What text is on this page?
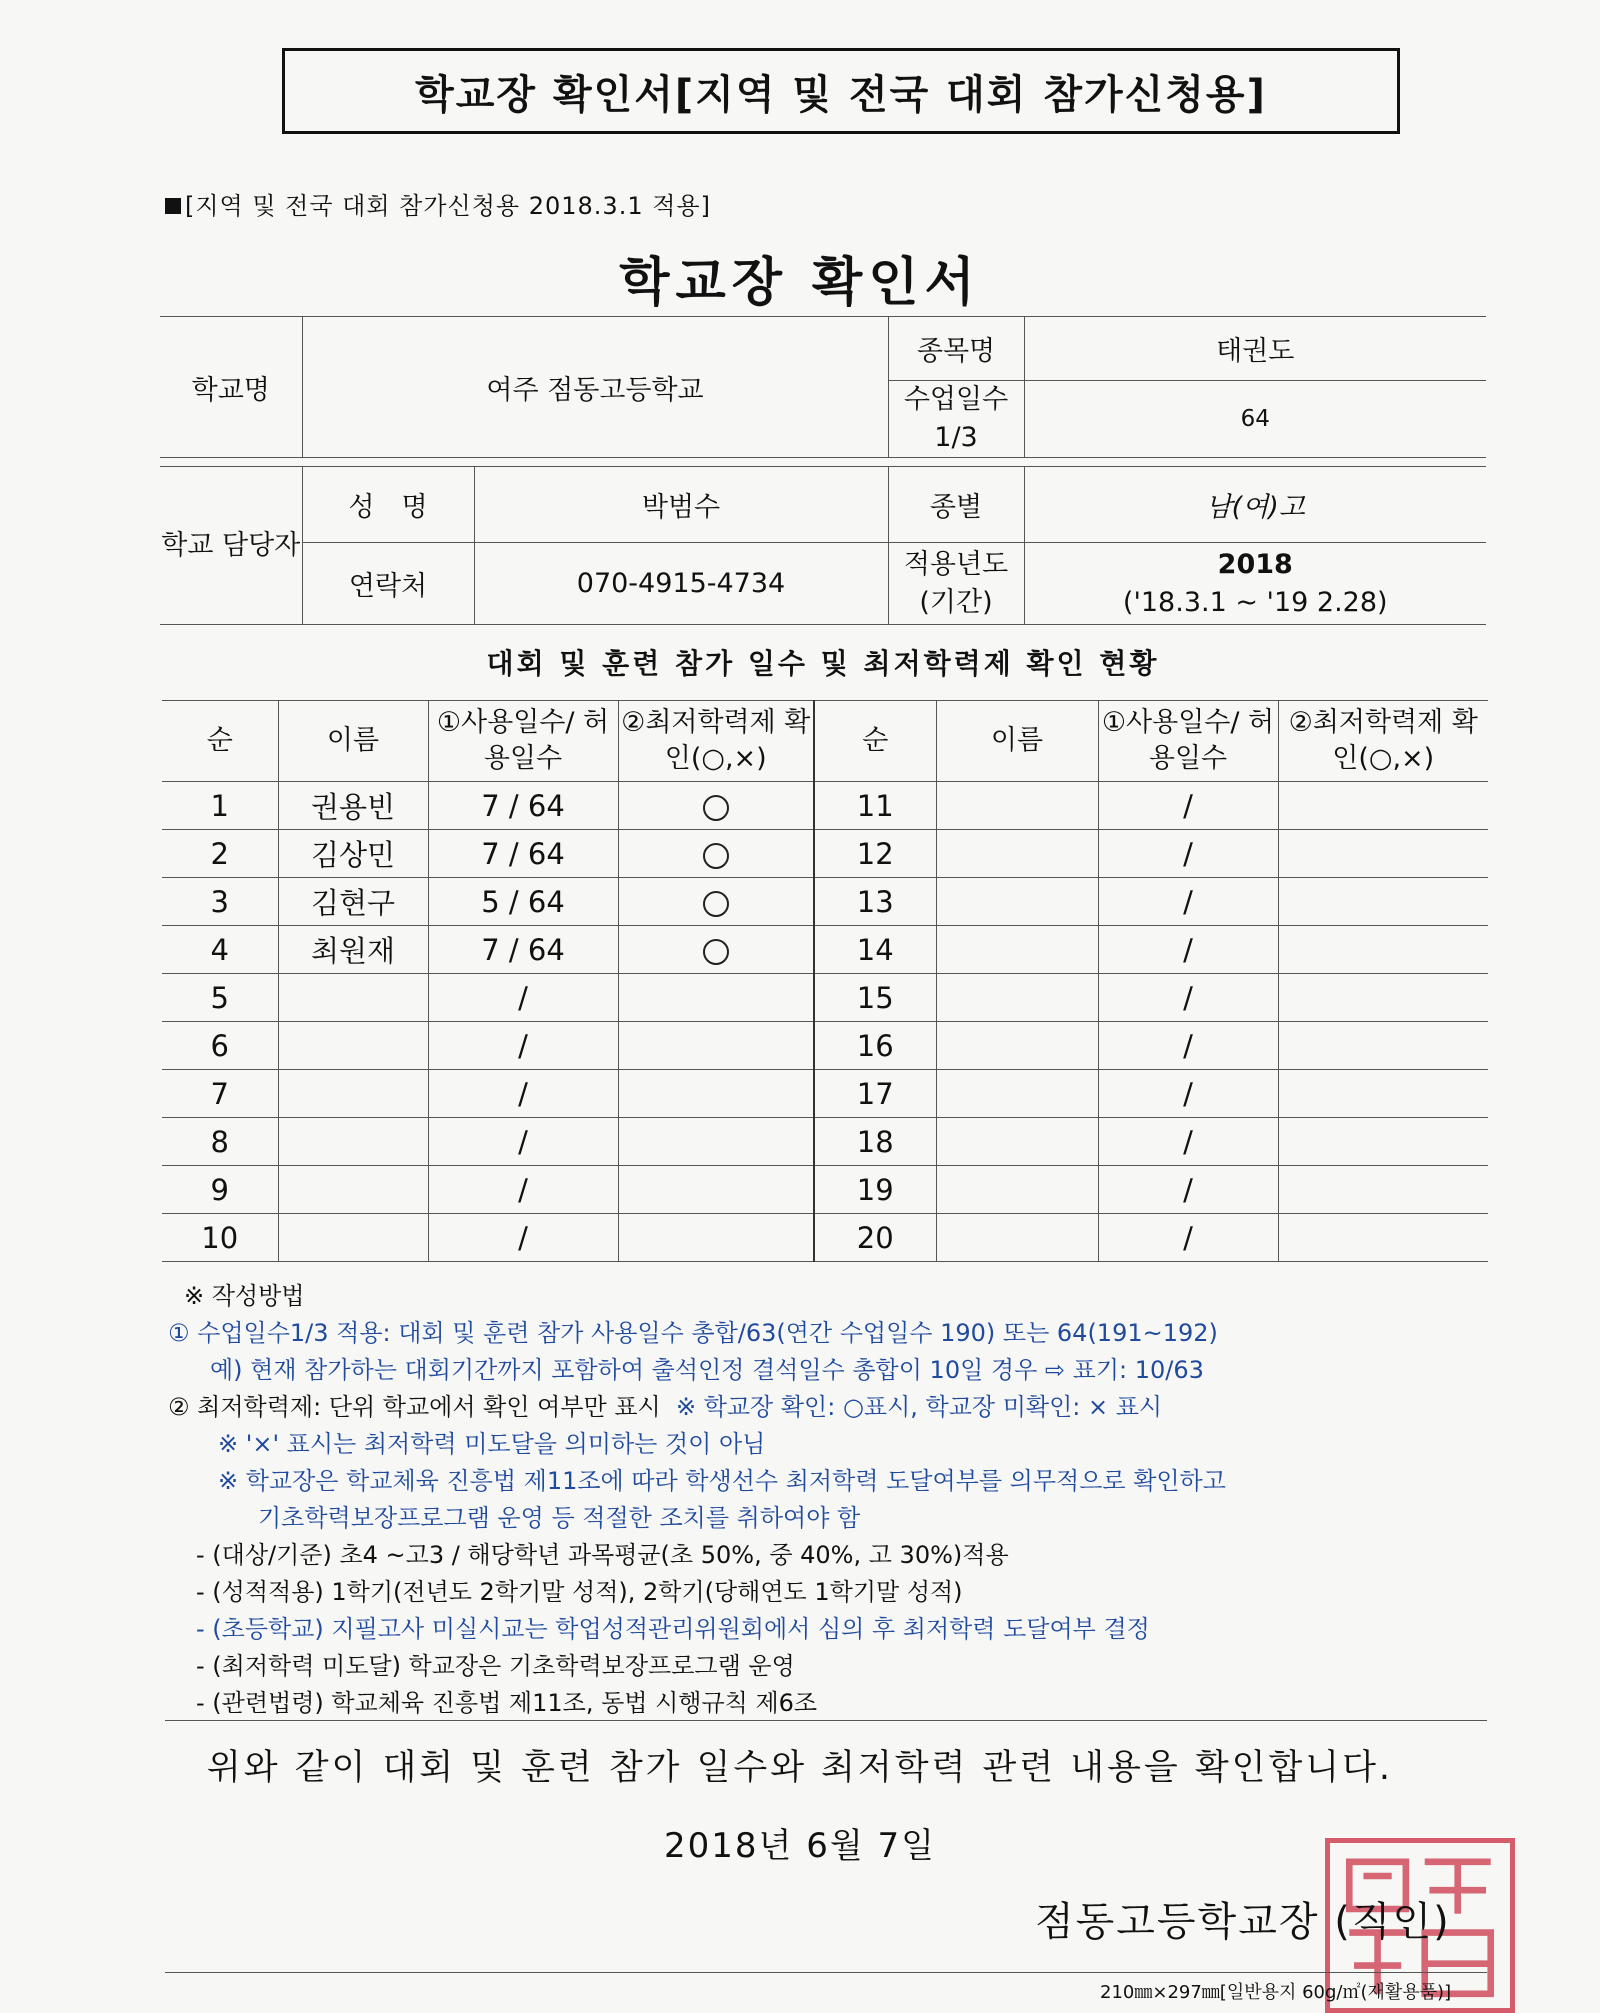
학교장 확인서[지역 및 전국 대회 참가신청용]
[지역 및 전국 대회 참가신청용 2018.3.1 적용]
학교장 확인서
학교명	여주 점동고등학교		종목명	태권도
			수업일수 1/3	64

학교 담당자	성　명	박범수	종별	남(여)고
	연락처	070-4915-4734	적용년도 (기간)	2018
('18.3.1 ~ '19 2.28)
대회 및 훈련 참가 일수 및 최저학력제 확인 현황
순	이름	①사용일수/ 허용일수	②최저학력제 확인(○,×)	순	이름	①사용일수/ 허용일수	②최저학력제 확인(○,×)
1	권용빈	7 / 64		11		/	
2	김상민	7 / 64		12		/	
3	김현구	5 / 64		13		/	
4	최원재	7 / 64		14		/	
5		/		15		/	
6		/		16		/	
7		/		17		/	
8		/		18		/	
9		/		19		/	
10		/		20		/	
※ 작성방법
① 수업일수1/3 적용: 대회 및 훈련 참가 사용일수 총합/63(연간 수업일수 190) 또는 64(191~192)
예) 현재 참가하는 대회기간까지 포함하여 출석인정 결석일수 총합이 10일 경우 ⇨ 표기: 10/63
② 최저학력제: 단위 학교에서 확인 여부만 표시 ※ 학교장 확인: ○표시, 학교장 미확인: × 표시
※ '×' 표시는 최저학력 미도달을 의미하는 것이 아님
※ 학교장은 학교체육 진흥법 제11조에 따라 학생선수 최저학력 도달여부를 의무적으로 확인하고
기초학력보장프로그램 운영 등 적절한 조치를 취하여야 함
- (대상/기준) 초4 ~고3 / 해당학년 과목평균(초 50%, 중 40%, 고 30%)적용
- (성적적용) 1학기(전년도 2학기말 성적), 2학기(당해연도 1학기말 성적)
- (초등학교) 지필고사 미실시교는 학업성적관리위원회에서 심의 후 최저학력 도달여부 결정
- (최저학력 미도달) 학교장은 기초학력보장프로그램 운영
- (관련법령) 학교체육 진흥법 제11조, 동법 시행규칙 제6조
위와 같이 대회 및 훈련 참가 일수와 최저학력 관련 내용을 확인합니다.
2018년 6월 7일
점동고등학교장 (직인)
210㎜×297㎜[일반용지 60g/㎡(재활용품)]
